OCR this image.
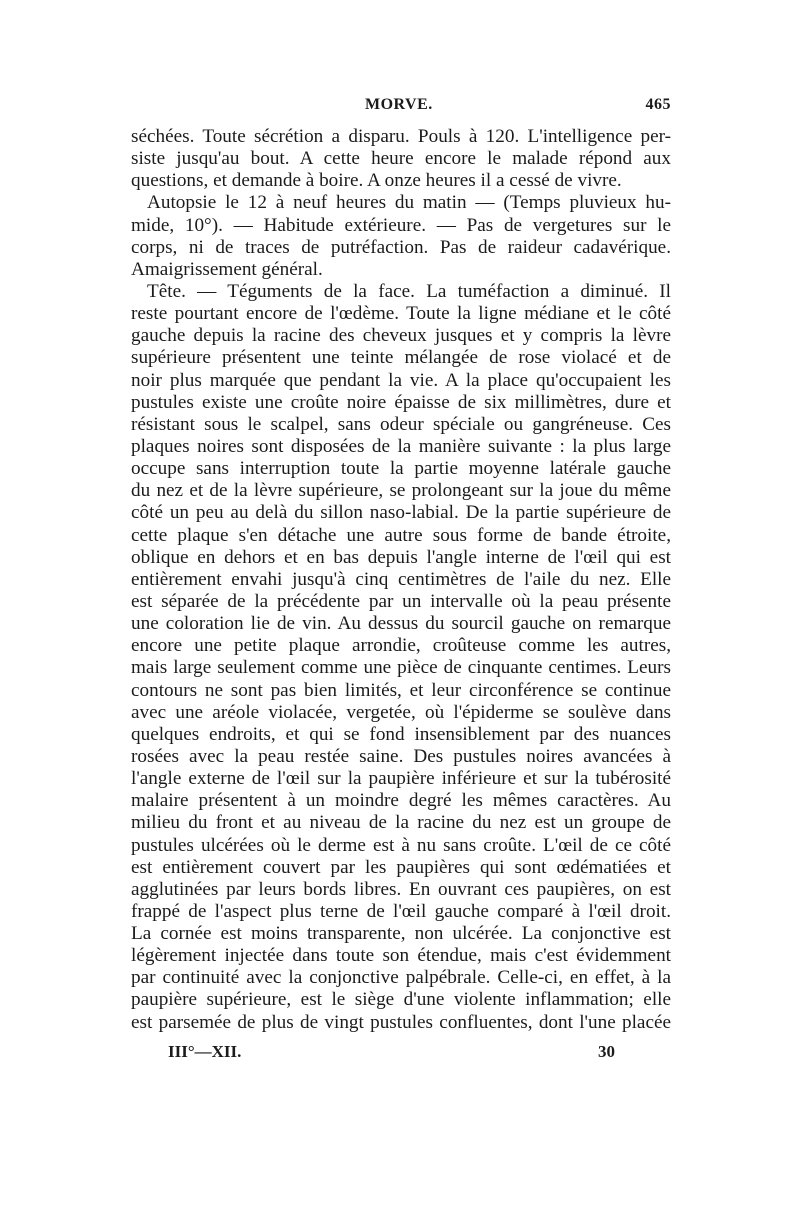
MORVE.	465
séchées. Toute sécrétion a disparu. Pouls à 120. L'intelligence per-
siste jusqu'au bout. A cette heure encore le malade répond aux
questions, et demande à boire. A onze heures il a cessé de vivre.
Autopsie le 12 à neuf heures du matin — (Temps pluvieux hu-
mide, 10°). — Habitude extérieure. — Pas de vergetures sur le
corps, ni de traces de putréfaction. Pas de raideur cadavérique.
Amaigrissement général.
Tête. — Téguments de la face. La tuméfaction a diminué. Il
reste pourtant encore de l'œdème. Toute la ligne médiane et le côté
gauche depuis la racine des cheveux jusques et y compris la lèvre
supérieure présentent une teinte mélangée de rose violacé et de
noir plus marquée que pendant la vie. A la place qu'occupaient les
pustules existe une croûte noire épaisse de six millimètres, dure et
résistant sous le scalpel, sans odeur spéciale ou gangréneuse. Ces
plaques noires sont disposées de la manière suivante : la plus large
occupe sans interruption toute la partie moyenne latérale gauche
du nez et de la lèvre supérieure, se prolongeant sur la joue du même
côté un peu au delà du sillon naso-labial. De la partie supérieure de
cette plaque s'en détache une autre sous forme de bande étroite,
oblique en dehors et en bas depuis l'angle interne de l'œil qui est
entièrement envahi jusqu'à cinq centimètres de l'aile du nez. Elle
est séparée de la précédente par un intervalle où la peau présente
une coloration lie de vin. Au dessus du sourcil gauche on remarque
encore une petite plaque arrondie, croûteuse comme les autres,
mais large seulement comme une pièce de cinquante centimes. Leurs
contours ne sont pas bien limités, et leur circonférence se continue
avec une aréole violacée, vergetée, où l'épiderme se soulève dans
quelques endroits, et qui se fond insensiblement par des nuances
rosées avec la peau restée saine. Des pustules noires avancées à
l'angle externe de l'œil sur la paupière inférieure et sur la tubérosité
malaire présentent à un moindre degré les mêmes caractères. Au
milieu du front et au niveau de la racine du nez est un groupe de
pustules ulcérées où le derme est à nu sans croûte. L'œil de ce côté
est entièrement couvert par les paupières qui sont œdématiées et
agglutinées par leurs bords libres. En ouvrant ces paupières, on est
frappé de l'aspect plus terne de l'œil gauche comparé à l'œil droit.
La cornée est moins transparente, non ulcérée. La conjonctive est
légèrement injectée dans toute son étendue, mais c'est évidemment
par continuité avec la conjonctive palpébrale. Celle-ci, en effet, à la
paupière supérieure, est le siège d'une violente inflammation; elle
est parsemée de plus de vingt pustules confluentes, dont l'une placée
III°—XII.	30
